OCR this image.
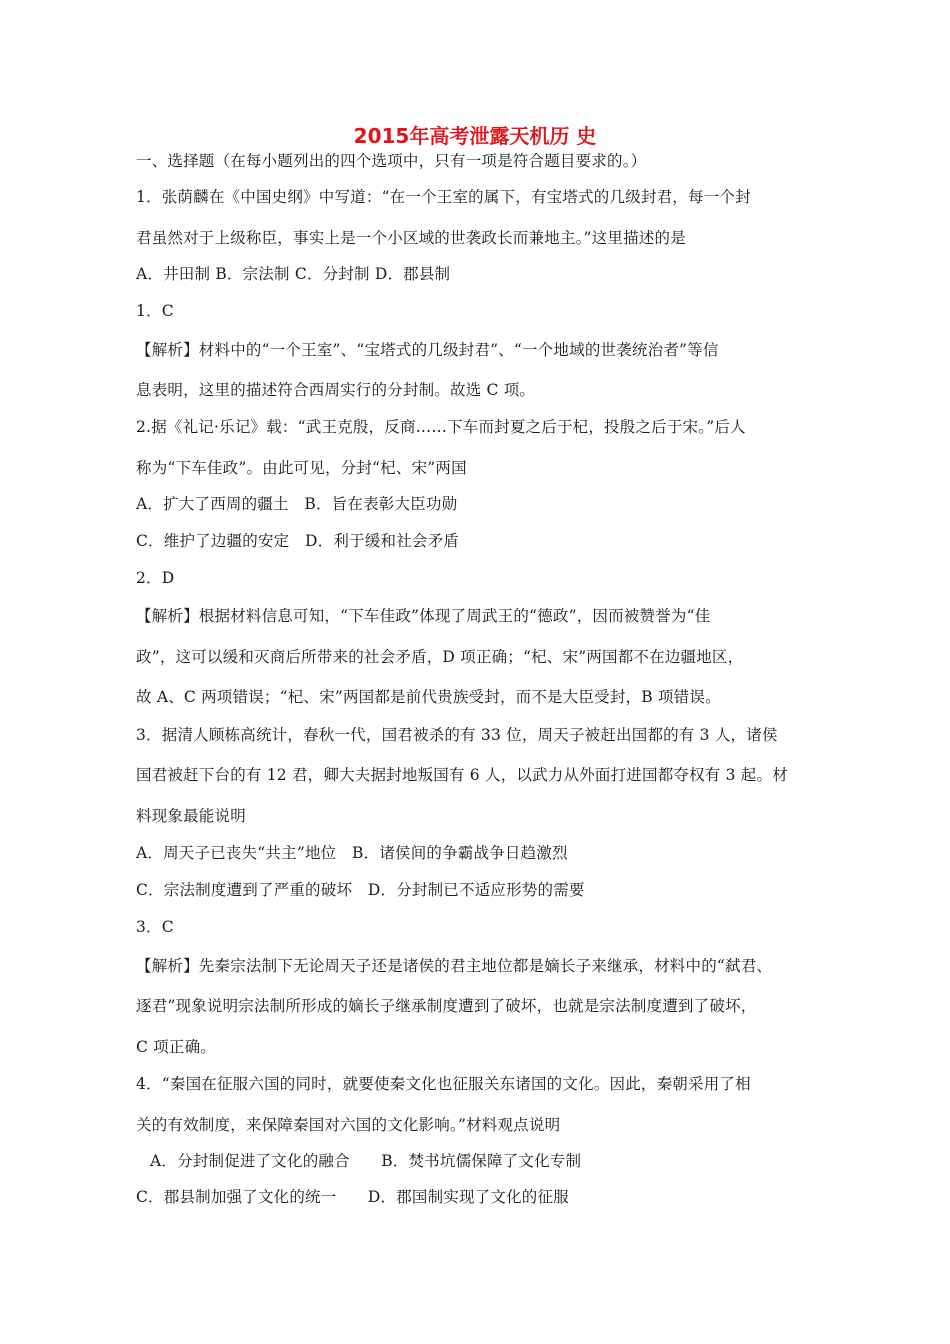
2015年高考泄露天机历 史
一、选择题（在每小题列出的四个选项中，只有一项是符合题目要求的。）
1．张荫麟在《中国史纲》中写道：“在一个王室的属下，有宝塔式的几级封君，每一个封
君虽然对于上级称臣，事实上是一个小区域的世袭政长而兼地主。”这里描述的是
A．井田制 B．宗法制 C．分封制 D．郡县制
1．C
【解析】材料中的“一个王室”、“宝塔式的几级封君”、“一个地域的世袭统治者”等信
息表明，这里的描述符合西周实行的分封制。故选 C 项。
2.据《礼记·乐记》载：“武王克殷，反商……下车而封夏之后于杞，投殷之后于宋。”后人
称为“下车佳政”。由此可见，分封“杞、宋”两国
A．扩大了西周的疆土　B．旨在表彰大臣功勋
C．维护了边疆的安定　D．利于缓和社会矛盾
2．D
【解析】根据材料信息可知，“下车佳政”体现了周武王的“德政”，因而被赞誉为“佳
政”，这可以缓和灭商后所带来的社会矛盾，D 项正确；“杞、宋”两国都不在边疆地区，
故 A、C 两项错误；“杞、宋”两国都是前代贵族受封，而不是大臣受封，B 项错误。
3．据清人顾栋高统计，春秋一代，国君被杀的有 33 位，周天子被赶出国都的有 3 人，诸侯
国君被赶下台的有 12 君，卿大夫据封地叛国有 6 人，以武力从外面打进国都夺权有 3 起。材
料现象最能说明
A．周天子已丧失“共主”地位　B．诸侯间的争霸战争日趋激烈
C．宗法制度遭到了严重的破坏　D．分封制已不适应形势的需要
3．C
【解析】先秦宗法制下无论周天子还是诸侯的君主地位都是嫡长子来继承，材料中的“弑君、
逐君”现象说明宗法制所形成的嫡长子继承制度遭到了破坏，也就是宗法制度遭到了破坏，
C 项正确。
4．“秦国在征服六国的同时，就要使秦文化也征服关东诸国的文化。因此，秦朝采用了相
关的有效制度，来保障秦国对六国的文化影响。”材料观点说明
A．分封制促进了文化的融合　　B．焚书坑儒保障了文化专制
C．郡县制加强了文化的统一　　D．郡国制实现了文化的征服
